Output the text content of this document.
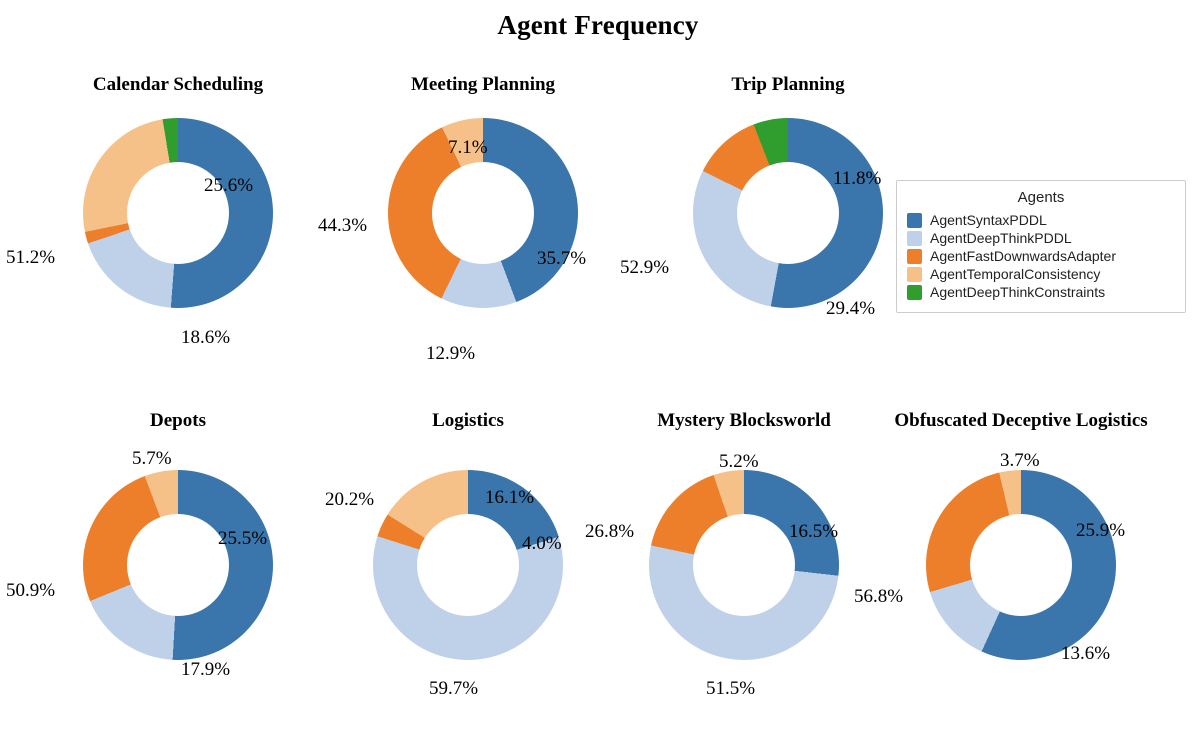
Agent Frequency
Calendar Scheduling
51.2%
18.6%
25.6%
Meeting Planning
44.3%
12.9%
35.7%
7.1%
Trip Planning
52.9%
29.4%
11.8%
Agents
AgentSyntaxPDDL
AgentDeepThinkPDDL
AgentFastDownwardsAdapter
AgentTemporalConsistency
AgentDeepThinkConstraints
Depots
50.9%
17.9%
25.5%
5.7%
Logistics
20.2%
59.7%
4.0%
16.1%
Mystery Blocksworld
26.8%
51.5%
16.5%
5.2%
Obfuscated Deceptive Logistics
56.8%
13.6%
25.9%
3.7%
